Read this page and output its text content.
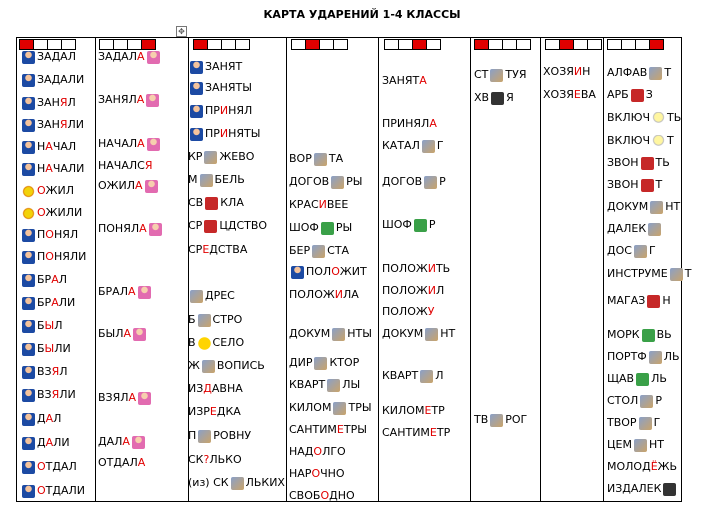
КАРТА УДАРЕНИЙ 1-4 КЛАССЫ
✥
ЗАДАЛ
ЗАДАЛИ
ЗАНЯЛ
ЗАНЯЛИ
НАЧАЛ
НАЧАЛИ
ОЖИЛ
ОЖИЛИ
ПОНЯЛ
ПОНЯЛИ
БРАЛ
БРАЛИ
БЫЛ
БЫЛИ
ВЗЯЛ
ВЗЯЛИ
ДАЛ
ДАЛИ
ОТДАЛ
ОТДАЛИ
ЗАДАЛА
ЗАНЯЛА
НАЧАЛА
НАЧАЛСЯ
ОЖИЛА
ПОНЯЛА
БРАЛА
БЫЛА
ВЗЯЛА
ДАЛА
ОТДАЛА
ЗАНЯТ
ЗАНЯТЫ
ПРИНЯЛ
ПРИНЯТЫ
КР ЖЕВО
М БЕЛЬ
СВ КЛА
СР ЦДСТВО
СРЕДСТВА
ДРЕС
Б СТРО
В СЕЛО
Ж ВОПИСЬ
ИЗДАВНА
ИЗРЕДКА
П РОВНУ
СК?ЛЬКО
(из) СК ЛЬКИХ
ВОР ТА
ДОГОВ РЫ
КРАСИВЕЕ
ШОФ РЫ
БЕР СТА
ПОЛОЖИТ
ПОЛОЖИЛА
ДОКУМ НТЫ
ДИР КТОР
КВАРТ ЛЫ
КИЛОМ ТРЫ
САНТИМЕТРЫ
НАДОЛГО
НАРОЧНО
СВОБОДНО
ЗАНЯТА
ПРИНЯЛА
КАТАЛ Г
ДОГОВ Р
ШОФ Р
ПОЛОЖИТЬ
ПОЛОЖИЛ
ПОЛОЖУ
ДОКУМ НТ
КВАРТ Л
КИЛОМЕТР
САНТИМЕТР
СТ ТУЯ
ХВ Я
ТВ РОГ
ХОЗЯИН
ХОЗЯЕВА
АЛФАВ Т
АРБ З
ВКЛЮЧ ТЬ
ВКЛЮЧ Т
ЗВОН ТЬ
ЗВОН Т
ДОКУМ НТ
ДАЛЕК
ДОС Г
ИНСТРУМЕ Т
МАГАЗ Н
МОРК ВЬ
ПОРТФ ЛЬ
ЩАВ ЛЬ
СТОЛ Р
ТВОР Г
ЦЕМ НТ
МОЛОДЁЖЬ
ИЗДАЛЕК
